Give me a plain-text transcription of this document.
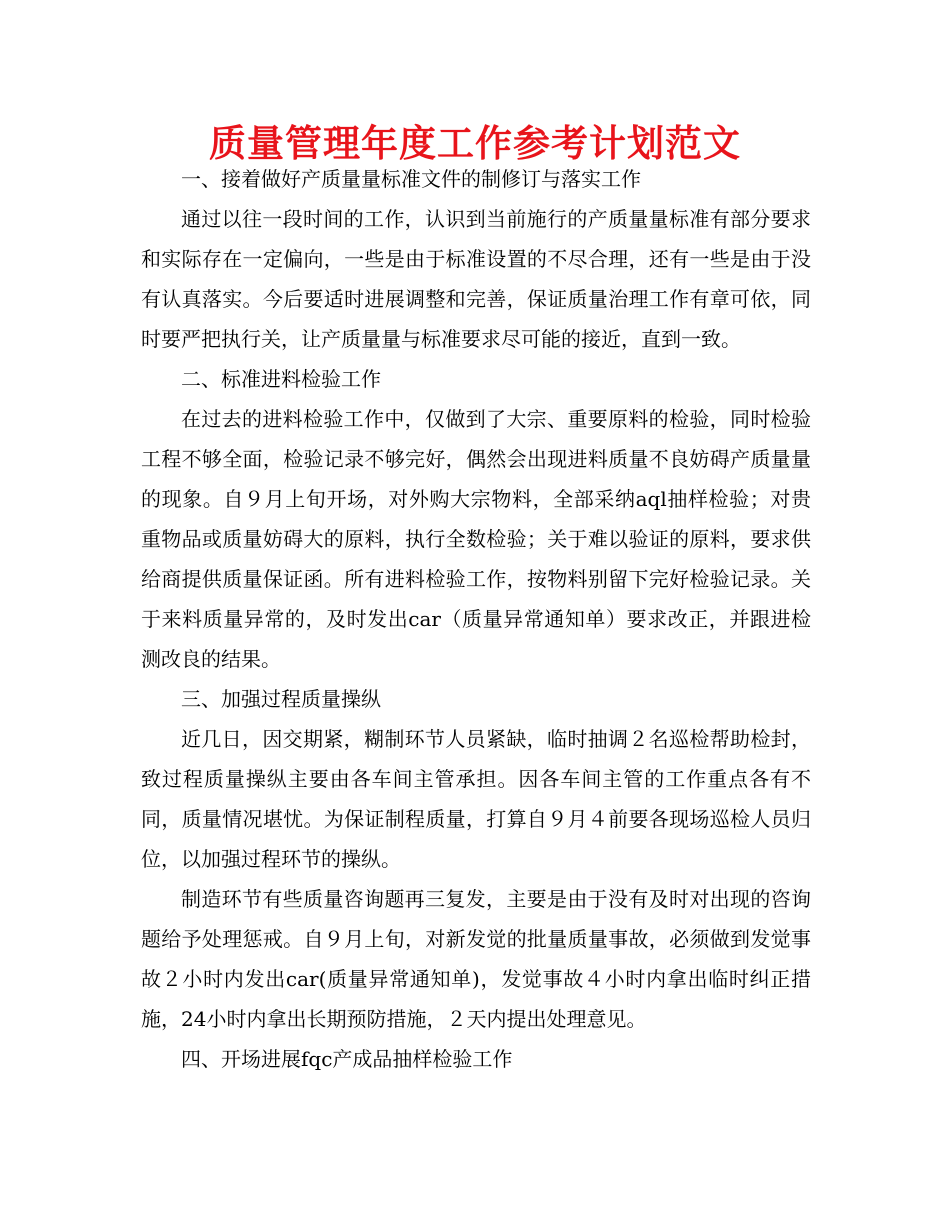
质量管理年度工作参考计划范文

一、接着做好产质量量标准文件的制修订与落实工作

通过以往一段时间的工作，认识到当前施行的产质量量标准有部分要求和实际存在一定偏向，一些是由于标准设置的不尽合理，还有一些是由于没有认真落实。今后要适时进展调整和完善，保证质量治理工作有章可依，同时要严把执行关，让产质量量与标准要求尽可能的接近，直到一致。

二、标准进料检验工作

在过去的进料检验工作中，仅做到了大宗、重要原料的检验，同时检验工程不够全面，检验记录不够完好，偶然会出现进料质量不良妨碍产质量量的现象。自９月上旬开场，对外购大宗物料，全部采纳aql抽样检验；对贵重物品或质量妨碍大的原料，执行全数检验；关于难以验证的原料，要求供给商提供质量保证函。所有进料检验工作，按物料别留下完好检验记录。关于来料质量异常的，及时发出car（质量异常通知单）要求改正，并跟进检测改良的结果。

三、加强过程质量操纵

近几日，因交期紧，糊制环节人员紧缺，临时抽调２名巡检帮助检封，致过程质量操纵主要由各车间主管承担。因各车间主管的工作重点各有不同，质量情况堪忧。为保证制程质量，打算自９月４前要各现场巡检人员归位，以加强过程环节的操纵。

制造环节有些质量咨询题再三复发，主要是由于没有及时对出现的咨询题给予处理惩戒。自９月上旬，对新发觉的批量质量事故，必须做到发觉事故２小时内发出car(质量异常通知单)，发觉事故４小时内拿出临时纠正措施，24小时内拿出长期预防措施，２天内提出处理意见。

四、开场进展fqc产成品抽样检验工作
